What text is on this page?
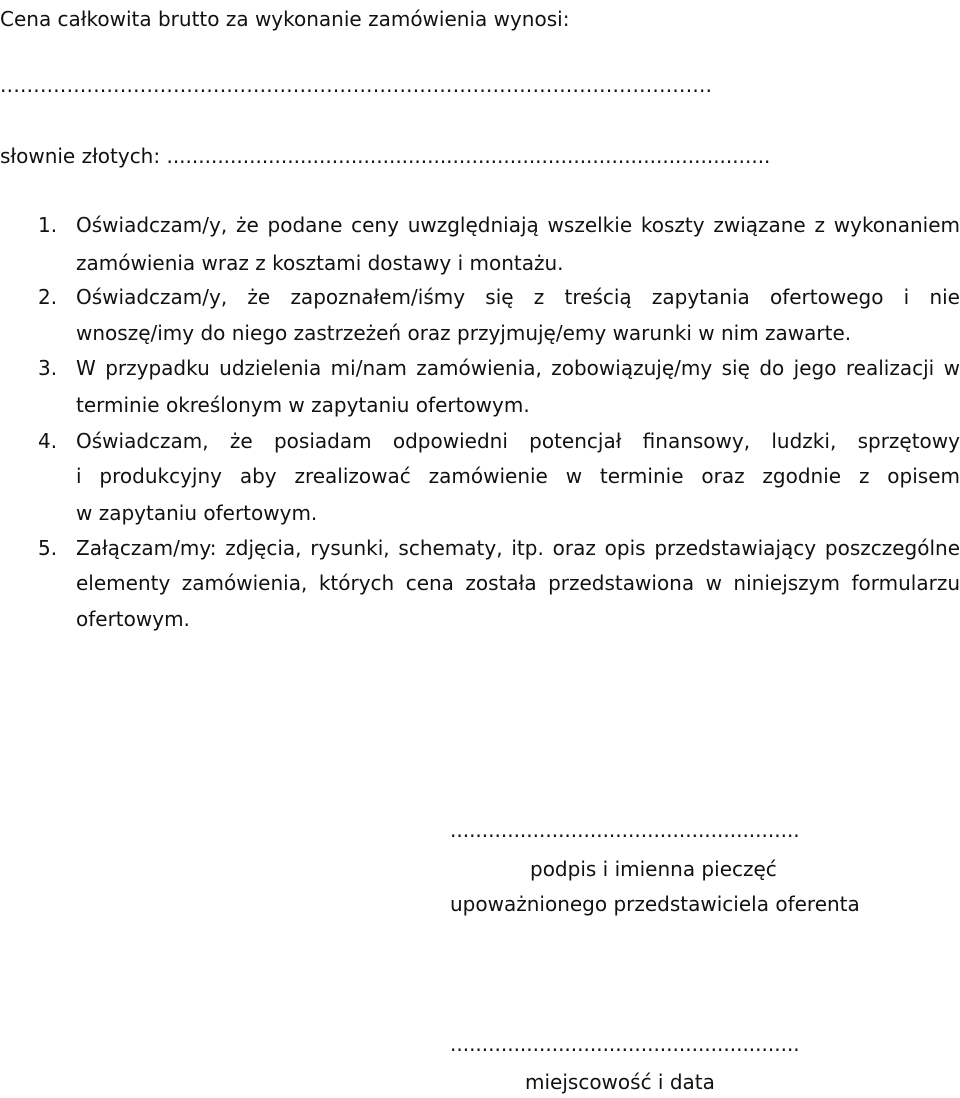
Cena całkowita brutto za wykonanie zamówienia wynosi:
...........................................................................................................
słownie złotych: ...............................................................................................
1. Oświadczam/y, że podane ceny uwzględniają wszelkie koszty związane z wykonaniem
zamówienia wraz z kosztami dostawy i montażu.
2. Oświadczam/y, że zapoznałem/iśmy się z treścią zapytania ofertowego i nie
wnoszę/imy do niego zastrzeżeń oraz przyjmuję/emy warunki w nim zawarte.
3. W przypadku udzielenia mi/nam zamówienia, zobowiązuję/my się do jego realizacji w
terminie określonym w zapytaniu ofertowym.
4. Oświadczam, że posiadam odpowiedni potencjał finansowy, ludzki, sprzętowy
i produkcyjny aby zrealizować zamówienie w terminie oraz zgodnie z opisem
w zapytaniu ofertowym.
5. Załączam/my: zdjęcia, rysunki, schematy, itp. oraz opis przedstawiający poszczególne
elementy zamówienia, których cena została przedstawiona w niniejszym formularzu
ofertowym.
.......................................................
podpis i imienna pieczęć
upoważnionego przedstawiciela oferenta
.......................................................
miejscowość i data
